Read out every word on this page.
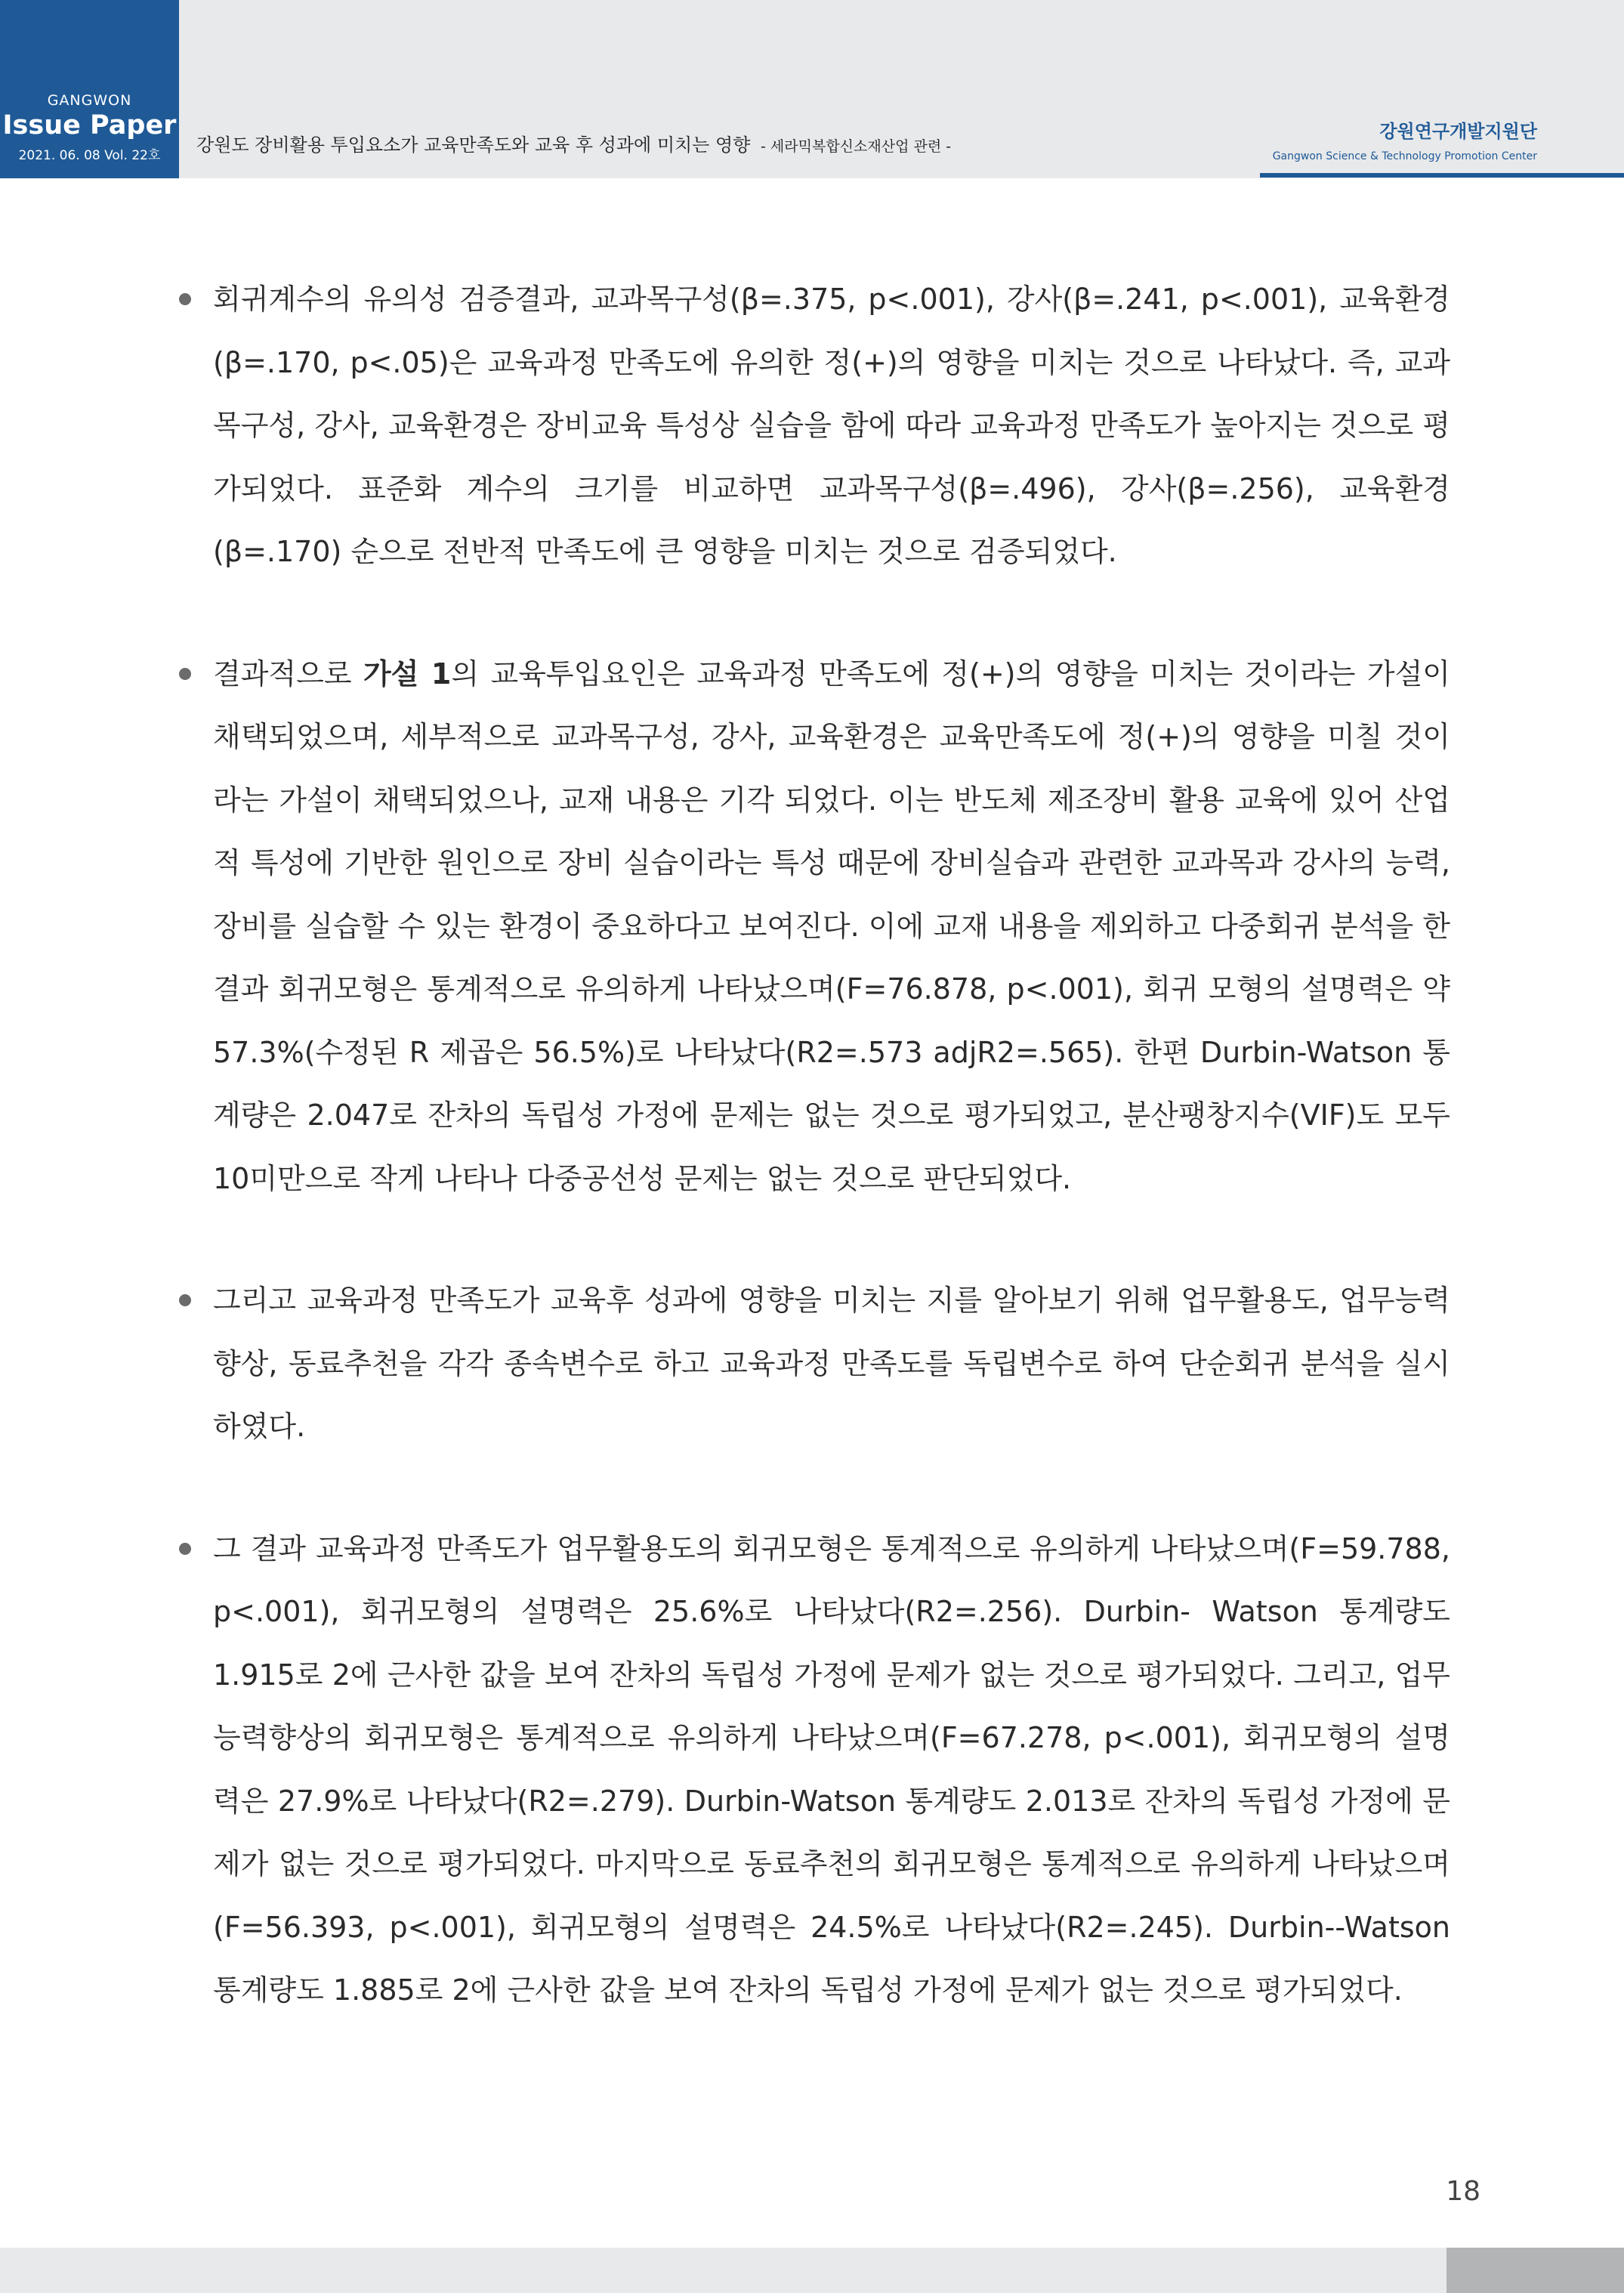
GANGWON
Issue Paper
2021. 06. 08 Vol. 22호	강원도 장비활용 투입요소가 교육만족도와 교육 후 성과에 미치는 영향 - 세라믹복합신소재산업 관련 -
강원연구개발지원단
Gangwon Science & Technology Promotion Center
회귀계수의 유의성 검증결과, 교과목구성(β=.375, p<.001), 강사(β=.241, p<.001), 교육환경(β=.170, p<.05)은 교육과정 만족도에 유의한 정(+)의 영향을 미치는 것으로 나타났다. 즉, 교과목구성, 강사, 교육환경은 장비교육 특성상 실습을 함에 따라 교육과정 만족도가 높아지는 것으로 평가되었다. 표준화 계수의 크기를 비교하면 교과목구성(β=.496), 강사(β=.256), 교육환경(β=.170) 순으로 전반적 만족도에 큰 영향을 미치는 것으로 검증되었다.
결과적으로 가설 1의 교육투입요인은 교육과정 만족도에 정(+)의 영향을 미치는 것이라는 가설이 채택되었으며, 세부적으로 교과목구성, 강사, 교육환경은 교육만족도에 정(+)의 영향을 미칠 것이라는 가설이 채택되었으나, 교재 내용은 기각 되었다. 이는 반도체 제조장비 활용 교육에 있어 산업적 특성에 기반한 원인으로 장비 실습이라는 특성 때문에 장비실습과 관련한 교과목과 강사의 능력, 장비를 실습할 수 있는 환경이 중요하다고 보여진다. 이에 교재 내용을 제외하고 다중회귀 분석을 한 결과 회귀모형은 통계적으로 유의하게 나타났으며(F=76.878, p<.001), 회귀 모형의 설명력은 약 57.3%(수정된 R 제곱은 56.5%)로 나타났다(R2=.573 adjR2=.565). 한편 Durbin-Watson 통계량은 2.047로 잔차의 독립성 가정에 문제는 없는 것으로 평가되었고, 분산팽창지수(VIF)도 모두 10미만으로 작게 나타나 다중공선성 문제는 없는 것으로 판단되었다.
그리고 교육과정 만족도가 교육후 성과에 영향을 미치는 지를 알아보기 위해 업무활용도, 업무능력향상, 동료추천을 각각 종속변수로 하고 교육과정 만족도를 독립변수로 하여 단순회귀 분석을 실시하였다.
그 결과 교육과정 만족도가 업무활용도의 회귀모형은 통계적으로 유의하게 나타났으며(F=59.788, p<.001), 회귀모형의 설명력은 25.6%로 나타났다(R2=.256). Durbin- Watson 통계량도 1.915로 2에 근사한 값을 보여 잔차의 독립성 가정에 문제가 없는 것으로 평가되었다. 그리고, 업무능력향상의 회귀모형은 통계적으로 유의하게 나타났으며(F=67.278, p<.001), 회귀모형의 설명력은 27.9%로 나타났다(R2=.279). Durbin-Watson 통계량도 2.013로 잔차의 독립성 가정에 문제가 없는 것으로 평가되었다. 마지막으로 동료추천의 회귀모형은 통계적으로 유의하게 나타났으며(F=56.393, p<.001), 회귀모형의 설명력은 24.5%로 나타났다(R2=.245). Durbin--Watson 통계량도 1.885로 2에 근사한 값을 보여 잔차의 독립성 가정에 문제가 없는 것으로 평가되었다.
18
